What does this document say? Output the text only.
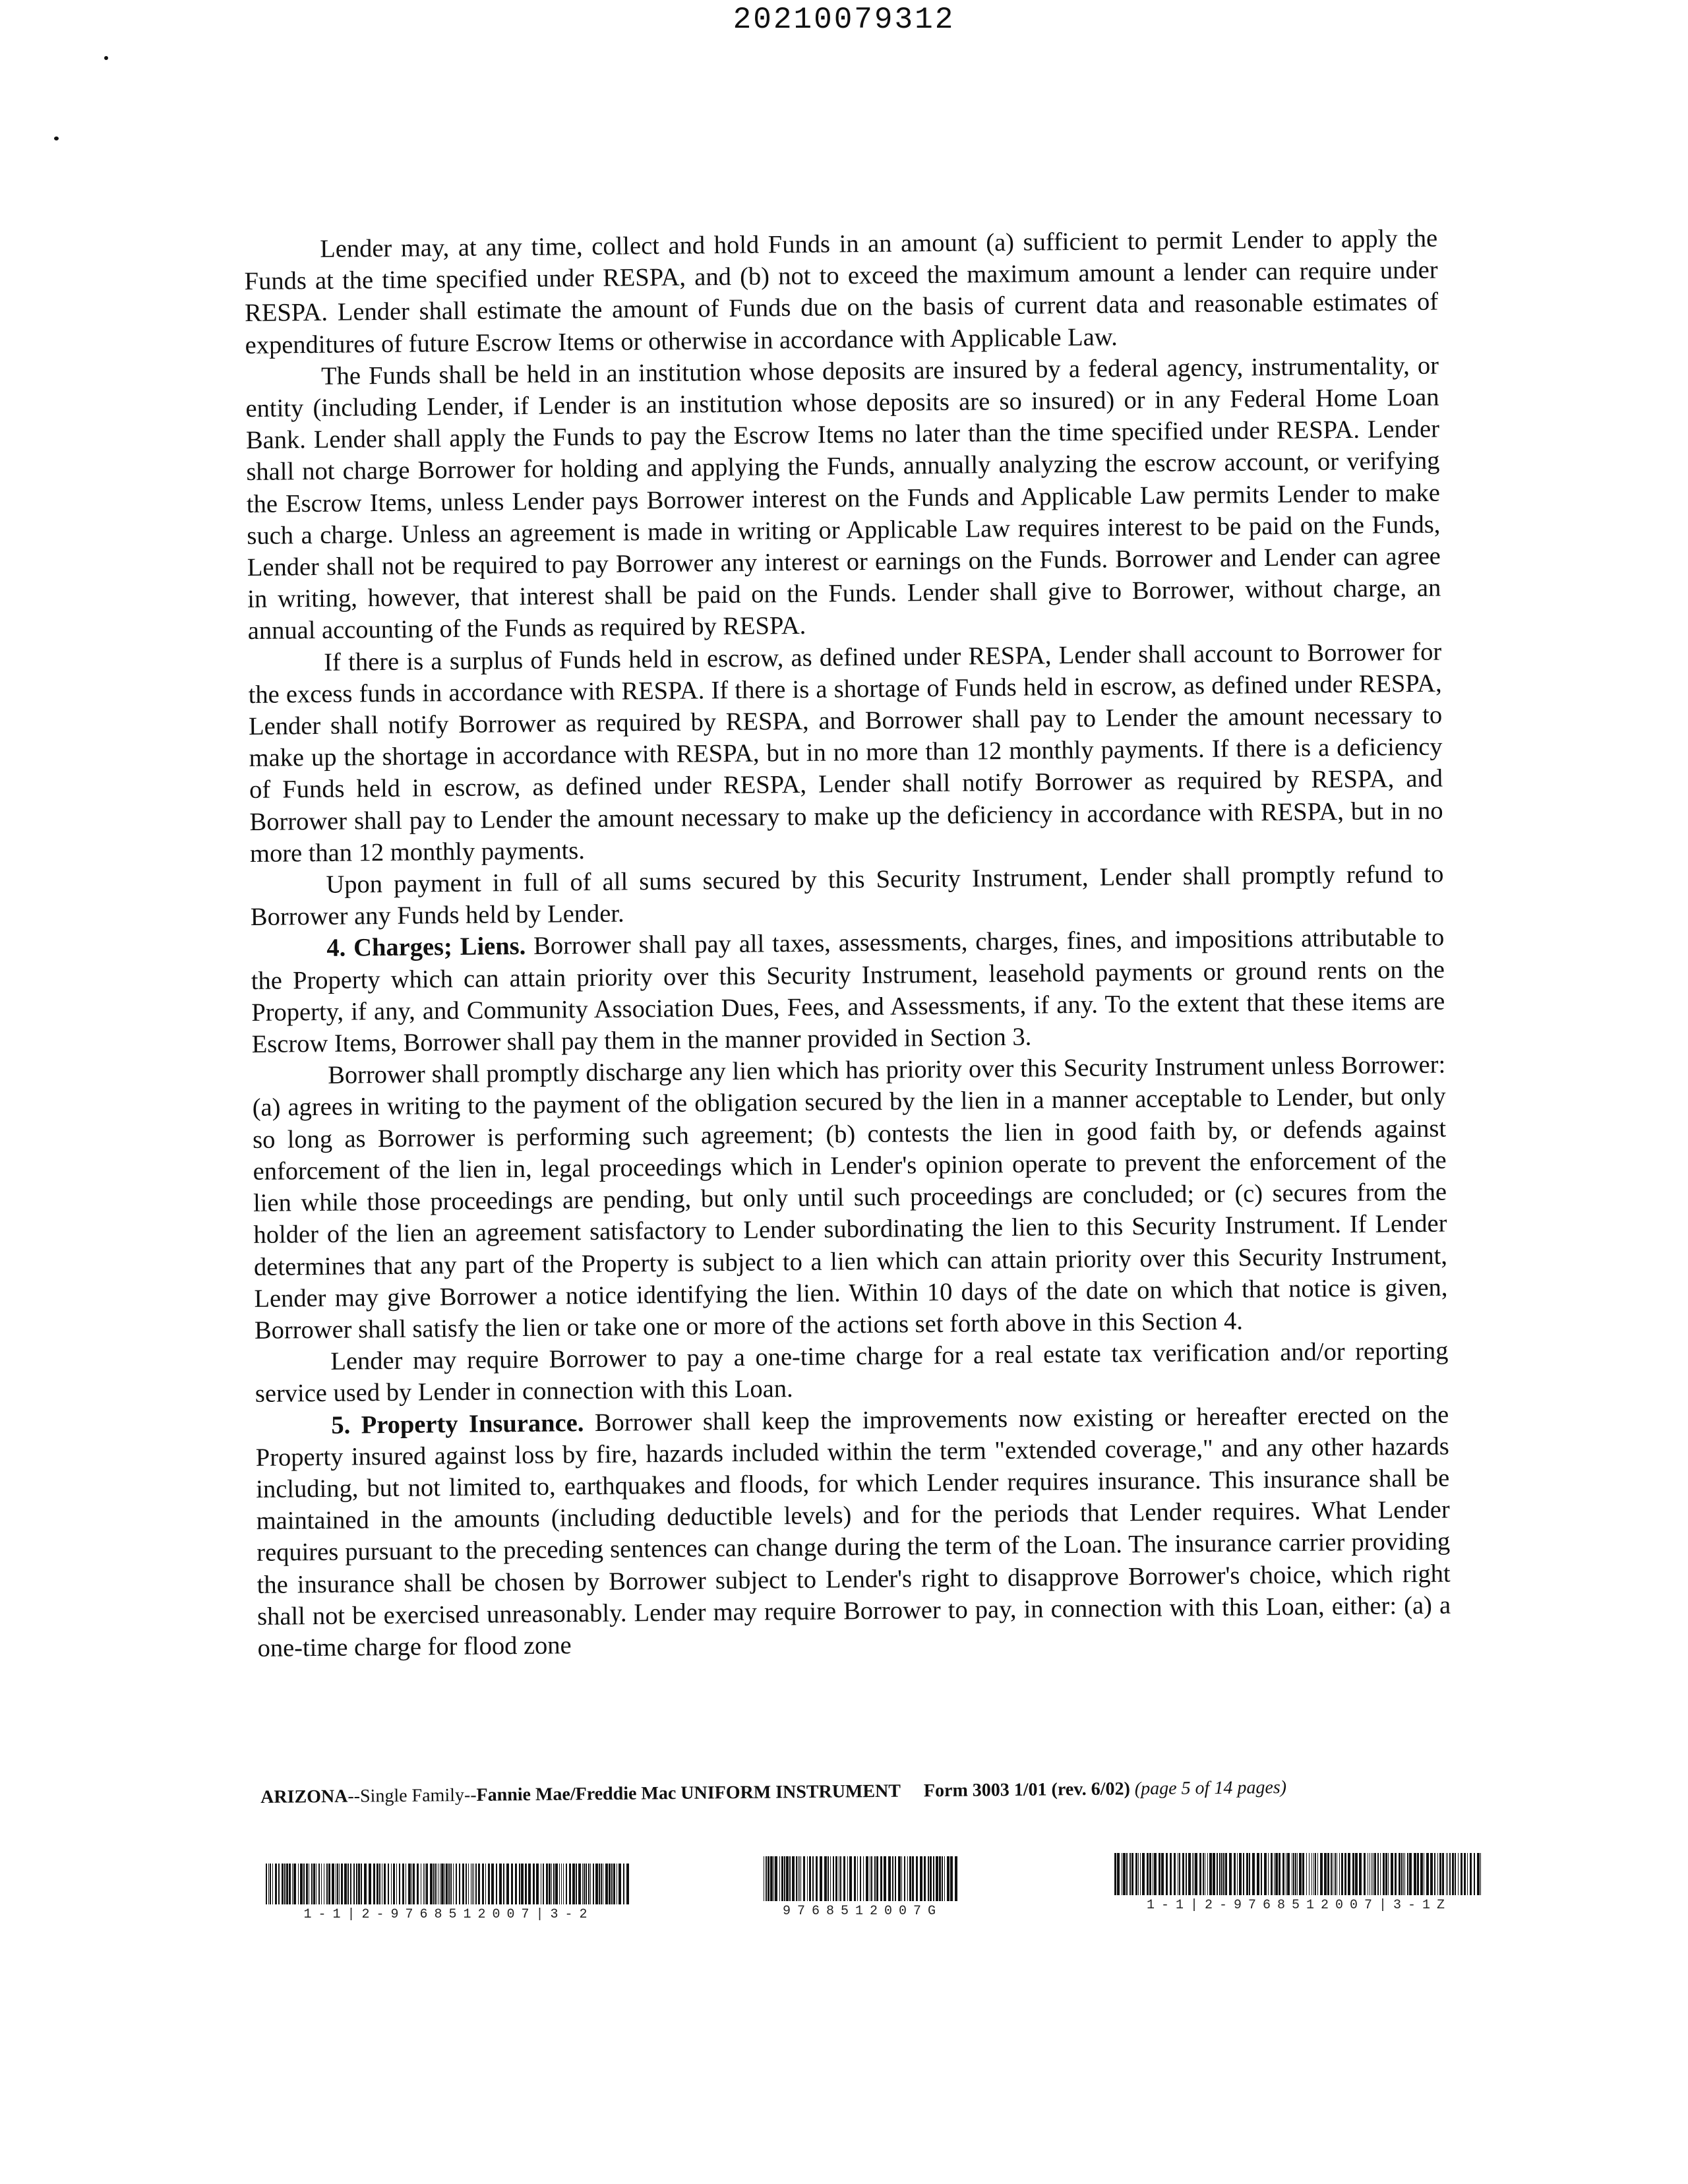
20210079312

Lender may, at any time, collect and hold Funds in an amount (a) sufficient to permit Lender to apply the Funds at the time specified under RESPA, and (b) not to exceed the maximum amount a lender can require under RESPA. Lender shall estimate the amount of Funds due on the basis of current data and reasonable estimates of expenditures of future Escrow Items or otherwise in accordance with Applicable Law.

The Funds shall be held in an institution whose deposits are insured by a federal agency, instrumentality, or entity (including Lender, if Lender is an institution whose deposits are so insured) or in any Federal Home Loan Bank. Lender shall apply the Funds to pay the Escrow Items no later than the time specified under RESPA. Lender shall not charge Borrower for holding and applying the Funds, annually analyzing the escrow account, or verifying the Escrow Items, unless Lender pays Borrower interest on the Funds and Applicable Law permits Lender to make such a charge. Unless an agreement is made in writing or Applicable Law requires interest to be paid on the Funds, Lender shall not be required to pay Borrower any interest or earnings on the Funds. Borrower and Lender can agree in writing, however, that interest shall be paid on the Funds. Lender shall give to Borrower, without charge, an annual accounting of the Funds as required by RESPA.

If there is a surplus of Funds held in escrow, as defined under RESPA, Lender shall account to Borrower for the excess funds in accordance with RESPA. If there is a shortage of Funds held in escrow, as defined under RESPA, Lender shall notify Borrower as required by RESPA, and Borrower shall pay to Lender the amount necessary to make up the shortage in accordance with RESPA, but in no more than 12 monthly payments. If there is a deficiency of Funds held in escrow, as defined under RESPA, Lender shall notify Borrower as required by RESPA, and Borrower shall pay to Lender the amount necessary to make up the deficiency in accordance with RESPA, but in no more than 12 monthly payments.

Upon payment in full of all sums secured by this Security Instrument, Lender shall promptly refund to Borrower any Funds held by Lender.

4. Charges; Liens. Borrower shall pay all taxes, assessments, charges, fines, and impositions attributable to the Property which can attain priority over this Security Instrument, leasehold payments or ground rents on the Property, if any, and Community Association Dues, Fees, and Assessments, if any. To the extent that these items are Escrow Items, Borrower shall pay them in the manner provided in Section 3.

Borrower shall promptly discharge any lien which has priority over this Security Instrument unless Borrower: (a) agrees in writing to the payment of the obligation secured by the lien in a manner acceptable to Lender, but only so long as Borrower is performing such agreement; (b) contests the lien in good faith by, or defends against enforcement of the lien in, legal proceedings which in Lender's opinion operate to prevent the enforcement of the lien while those proceedings are pending, but only until such proceedings are concluded; or (c) secures from the holder of the lien an agreement satisfactory to Lender subordinating the lien to this Security Instrument. If Lender determines that any part of the Property is subject to a lien which can attain priority over this Security Instrument, Lender may give Borrower a notice identifying the lien. Within 10 days of the date on which that notice is given, Borrower shall satisfy the lien or take one or more of the actions set forth above in this Section 4.

Lender may require Borrower to pay a one-time charge for a real estate tax verification and/or reporting service used by Lender in connection with this Loan.

5. Property Insurance. Borrower shall keep the improvements now existing or hereafter erected on the Property insured against loss by fire, hazards included within the term "extended coverage," and any other hazards including, but not limited to, earthquakes and floods, for which Lender requires insurance. This insurance shall be maintained in the amounts (including deductible levels) and for the periods that Lender requires. What Lender requires pursuant to the preceding sentences can change during the term of the Loan. The insurance carrier providing the insurance shall be chosen by Borrower subject to Lender's right to disapprove Borrower's choice, which right shall not be exercised unreasonably. Lender may require Borrower to pay, in connection with this Loan, either: (a) a one-time charge for flood zone

ARIZONA--Single Family--Fannie Mae/Freddie Mac UNIFORM INSTRUMENT Form 3003 1/01 (rev. 6/02) (page 5 of 14 pages)
1-1|2-9768512007|3-2	9768512007G	1-1|2-9768512007|3-1Z
